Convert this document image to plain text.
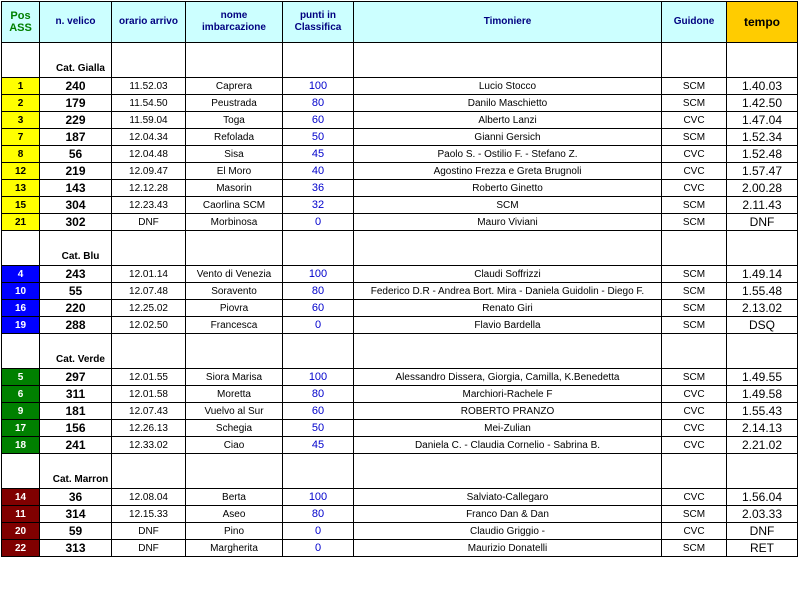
Pos ASS	n. velico	orario arrivo	nome imbarcazione	punti in Classifica	Timoniere	Guidone	tempo

	Cat. Gialla						
1	240	11.52.03	Caprera	100	Lucio Stocco	SCM	1.40.03
2	179	11.54.50	Peustrada	80	Danilo Maschietto	SCM	1.42.50
3	229	11.59.04	Toga	60	Alberto Lanzi	CVC	1.47.04
7	187	12.04.34	Refolada	50	Gianni Gersich	SCM	1.52.34
8	56	12.04.48	Sisa	45	Paolo S. - Ostilio F. - Stefano Z.	CVC	1.52.48
12	219	12.09.47	El Moro	40	Agostino Frezza e Greta Brugnoli	CVC	1.57.47
13	143	12.12.28	Masorin	36	Roberto Ginetto	CVC	2.00.28
15	304	12.23.43	Caorlina SCM	32	SCM	SCM	2.11.43
21	302	DNF	Morbinosa	0	Mauro Viviani	SCM	DNF

	Cat. Blu						
4	243	12.01.14	Vento di Venezia	100	Claudi Soffrizzi	SCM	1.49.14
10	55	12.07.48	Soravento	80	Federico D.R - Andrea Bort. Mira - Daniela Guidolin - Diego F.	SCM	1.55.48
16	220	12.25.02	Piovra	60	Renato Giri	SCM	2.13.02
19	288	12.02.50	Francesca	0	Flavio Bardella	SCM	DSQ

	Cat. Verde						
5	297	12.01.55	Siora Marisa	100	Alessandro Dissera, Giorgia, Camilla, K.Benedetta	SCM	1.49.55
6	311	12.01.58	Moretta	80	Marchiori-Rachele F	CVC	1.49.58
9	181	12.07.43	Vuelvo al Sur	60	ROBERTO PRANZO	CVC	1.55.43
17	156	12.26.13	Schegia	50	Mei-Zulian	CVC	2.14.13
18	241	12.33.02	Ciao	45	Daniela C. - Claudia Cornelio - Sabrina B.	CVC	2.21.02

	Cat. Marron						
14	36	12.08.04	Berta	100	Salviato-Callegaro	CVC	1.56.04
11	314	12.15.33	Aseo	80	Franco Dan & Dan	SCM	2.03.33
20	59	DNF	Pino	0	Claudio Griggio -	CVC	DNF
22	313	DNF	Margherita	0	Maurizio Donatelli	SCM	RET
